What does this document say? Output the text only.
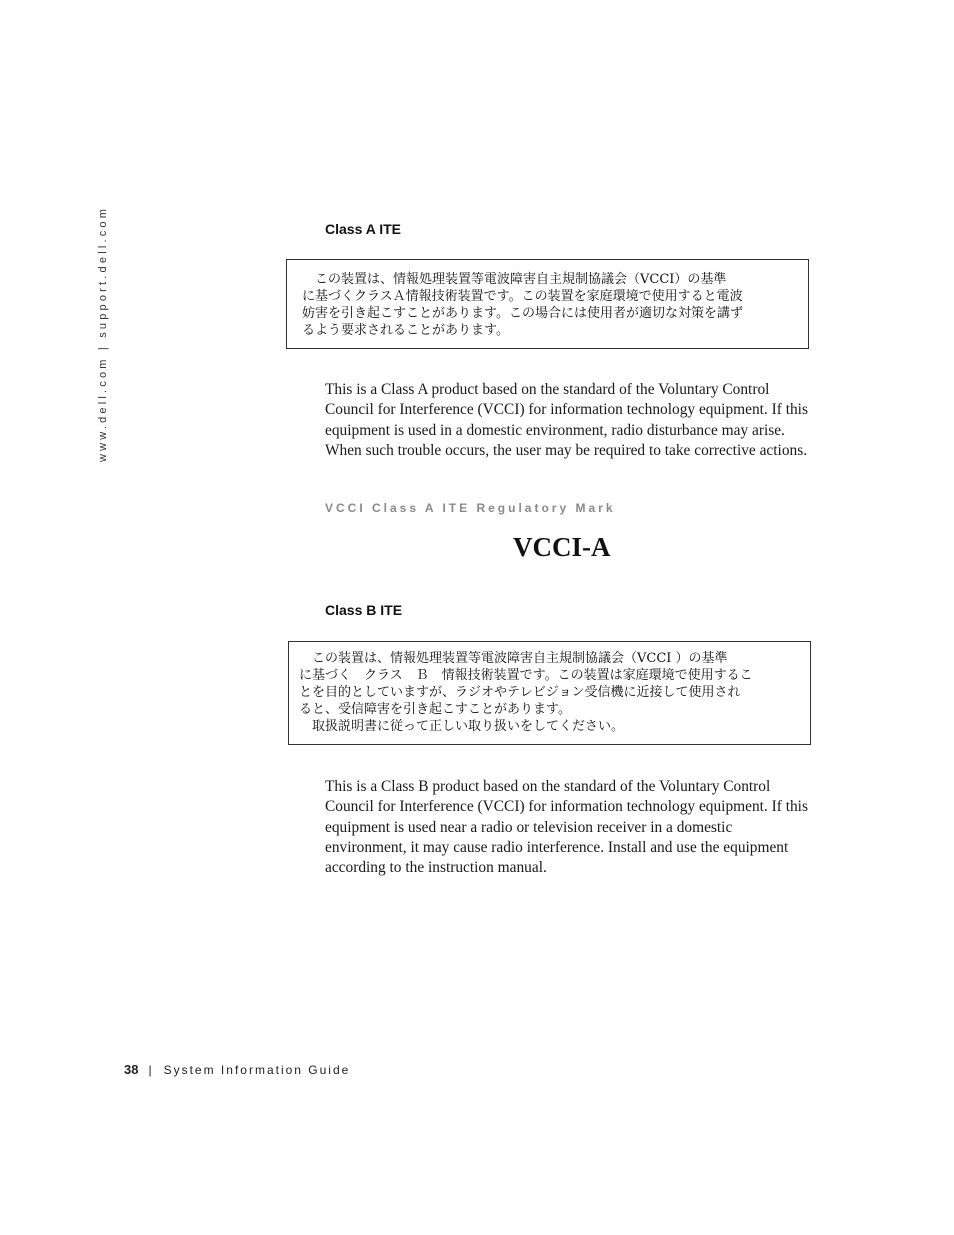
www.dell.com | support.dell.com	Class A ITE

　この装置は、情報処理装置等電波障害自主規制協議会（VCCI）の基準

に基づくクラスＡ情報技術装置です。この装置を家庭環境で使用すると電波

妨害を引き起こすことがあります。この場合には使用者が適切な対策を講ず

るよう要求されることがあります。

This is a Class A product based on the standard of the Voluntary Control Council for Interference (VCCI) for information technology equipment. If this equipment is used in a domestic environment, radio disturbance may arise. When such trouble occurs, the user may be required to take corrective actions.

VCCI Class A ITE Regulatory Mark
VCCI-A
Class B ITE

　この装置は、情報処理装置等電波障害自主規制協議会（VCCI ）の基準

に基づく　クラス　Ｂ　情報技術装置です。この装置は家庭環境で使用するこ

とを目的としていますが、ラジオやテレビジョン受信機に近接して使用され

ると、受信障害を引き起こすことがあります。

　取扱説明書に従って正しい取り扱いをしてください。

This is a Class B product based on the standard of the Voluntary Control Council for Interference (VCCI) for information technology equipment. If this equipment is used near a radio or television receiver in a domestic environment, it may cause radio interference. Install and use the equipment according to the instruction manual.

38 | System Information Guide
